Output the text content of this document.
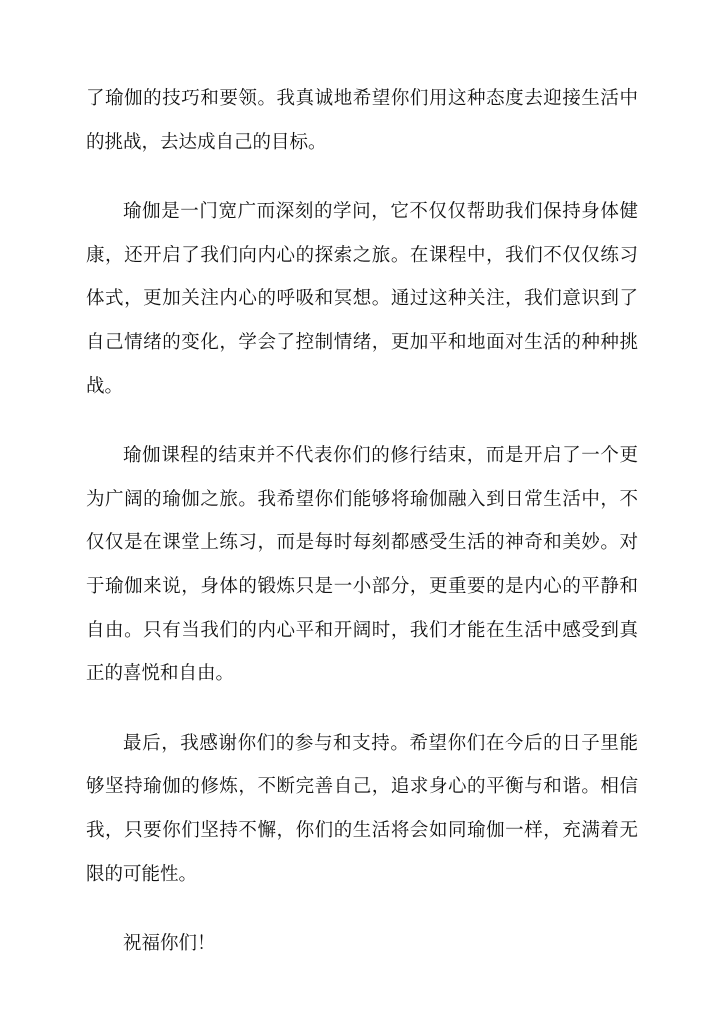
了瑜伽的技巧和要领。我真诚地希望你们用这种态度去迎接生活中的挑战，去达成自己的目标。

瑜伽是一门宽广而深刻的学问，它不仅仅帮助我们保持身体健康，还开启了我们向内心的探索之旅。在课程中，我们不仅仅练习体式，更加关注内心的呼吸和冥想。通过这种关注，我们意识到了自己情绪的变化，学会了控制情绪，更加平和地面对生活的种种挑战。

瑜伽课程的结束并不代表你们的修行结束，而是开启了一个更为广阔的瑜伽之旅。我希望你们能够将瑜伽融入到日常生活中，不仅仅是在课堂上练习，而是每时每刻都感受生活的神奇和美妙。对于瑜伽来说，身体的锻炼只是一小部分，更重要的是内心的平静和自由。只有当我们的内心平和开阔时，我们才能在生活中感受到真正的喜悦和自由。

最后，我感谢你们的参与和支持。希望你们在今后的日子里能够坚持瑜伽的修炼，不断完善自己，追求身心的平衡与和谐。相信我，只要你们坚持不懈，你们的生活将会如同瑜伽一样，充满着无限的可能性。

祝福你们！
